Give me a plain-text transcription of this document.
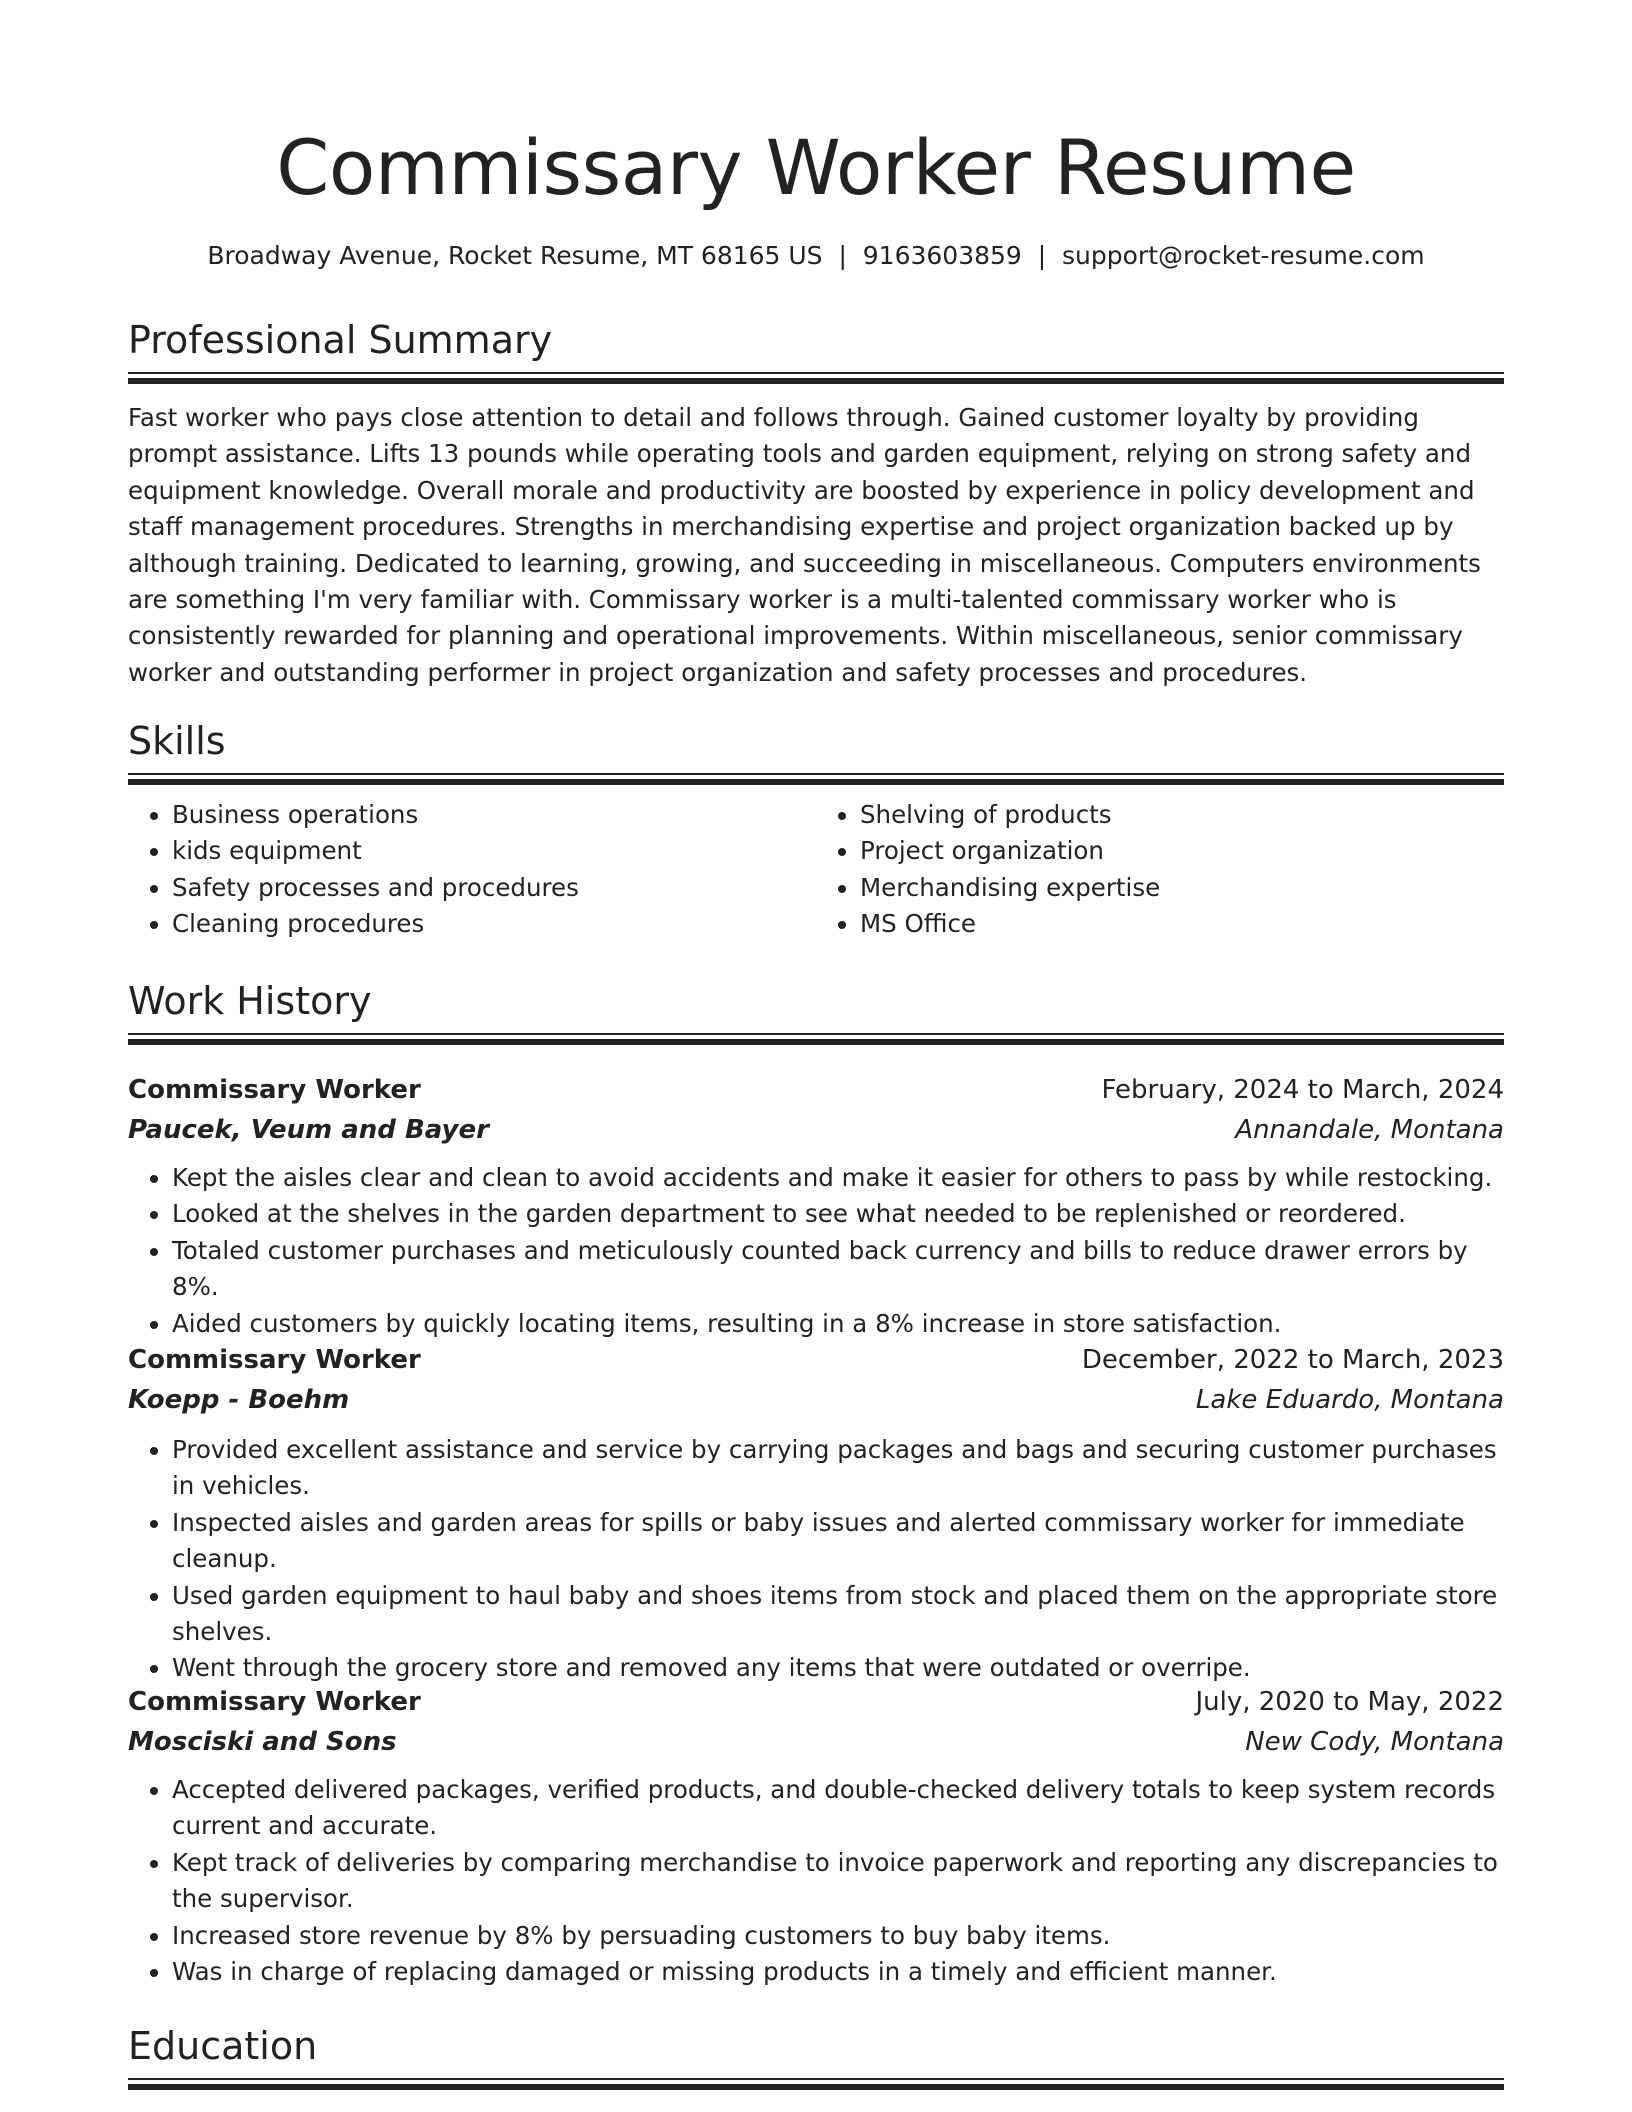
Commissary Worker Resume
Broadway Avenue, Rocket Resume, MT 68165 US  |  9163603859  |  support@rocket-resume.com
Professional Summary

Fast worker who pays close attention to detail and follows through. Gained customer loyalty by providing prompt assistance. Lifts 13 pounds while operating tools and garden equipment, relying on strong safety and equipment knowledge. Overall morale and productivity are boosted by experience in policy development and staff management procedures. Strengths in merchandising expertise and project organization backed up by although training. Dedicated to learning, growing, and succeeding in miscellaneous. Computers environments are something I'm very familiar with. Commissary worker is a multi-talented commissary worker who is consistently rewarded for planning and operational improvements. Within miscellaneous, senior commissary worker and outstanding performer in project organization and safety processes and procedures.

Skills
• Business operations
• kids equipment
• Safety processes and procedures
• Cleaning procedures
• Shelving of products
• Project organization
• Merchandising expertise
• MS Office
Work History
Commissary Worker	February, 2024 to March, 2024
Paucek, Veum and Bayer	Annandale, Montana
• Kept the aisles clear and clean to avoid accidents and make it easier for others to pass by while restocking.
• Looked at the shelves in the garden department to see what needed to be replenished or reordered.
• Totaled customer purchases and meticulously counted back currency and bills to reduce drawer errors by 8%.
• Aided customers by quickly locating items, resulting in a 8% increase in store satisfaction.
Commissary Worker	December, 2022 to March, 2023
Koepp - Boehm	Lake Eduardo, Montana
• Provided excellent assistance and service by carrying packages and bags and securing customer purchases in vehicles.
• Inspected aisles and garden areas for spills or baby issues and alerted commissary worker for immediate cleanup.
• Used garden equipment to haul baby and shoes items from stock and placed them on the appropriate store shelves.
• Went through the grocery store and removed any items that were outdated or overripe.
Commissary Worker	July, 2020 to May, 2022
Mosciski and Sons	New Cody, Montana
• Accepted delivered packages, verified products, and double-checked delivery totals to keep system records current and accurate.
• Kept track of deliveries by comparing merchandise to invoice paperwork and reporting any discrepancies to the supervisor.
• Increased store revenue by 8% by persuading customers to buy baby items.
• Was in charge of replacing damaged or missing products in a timely and efficient manner.
Education
